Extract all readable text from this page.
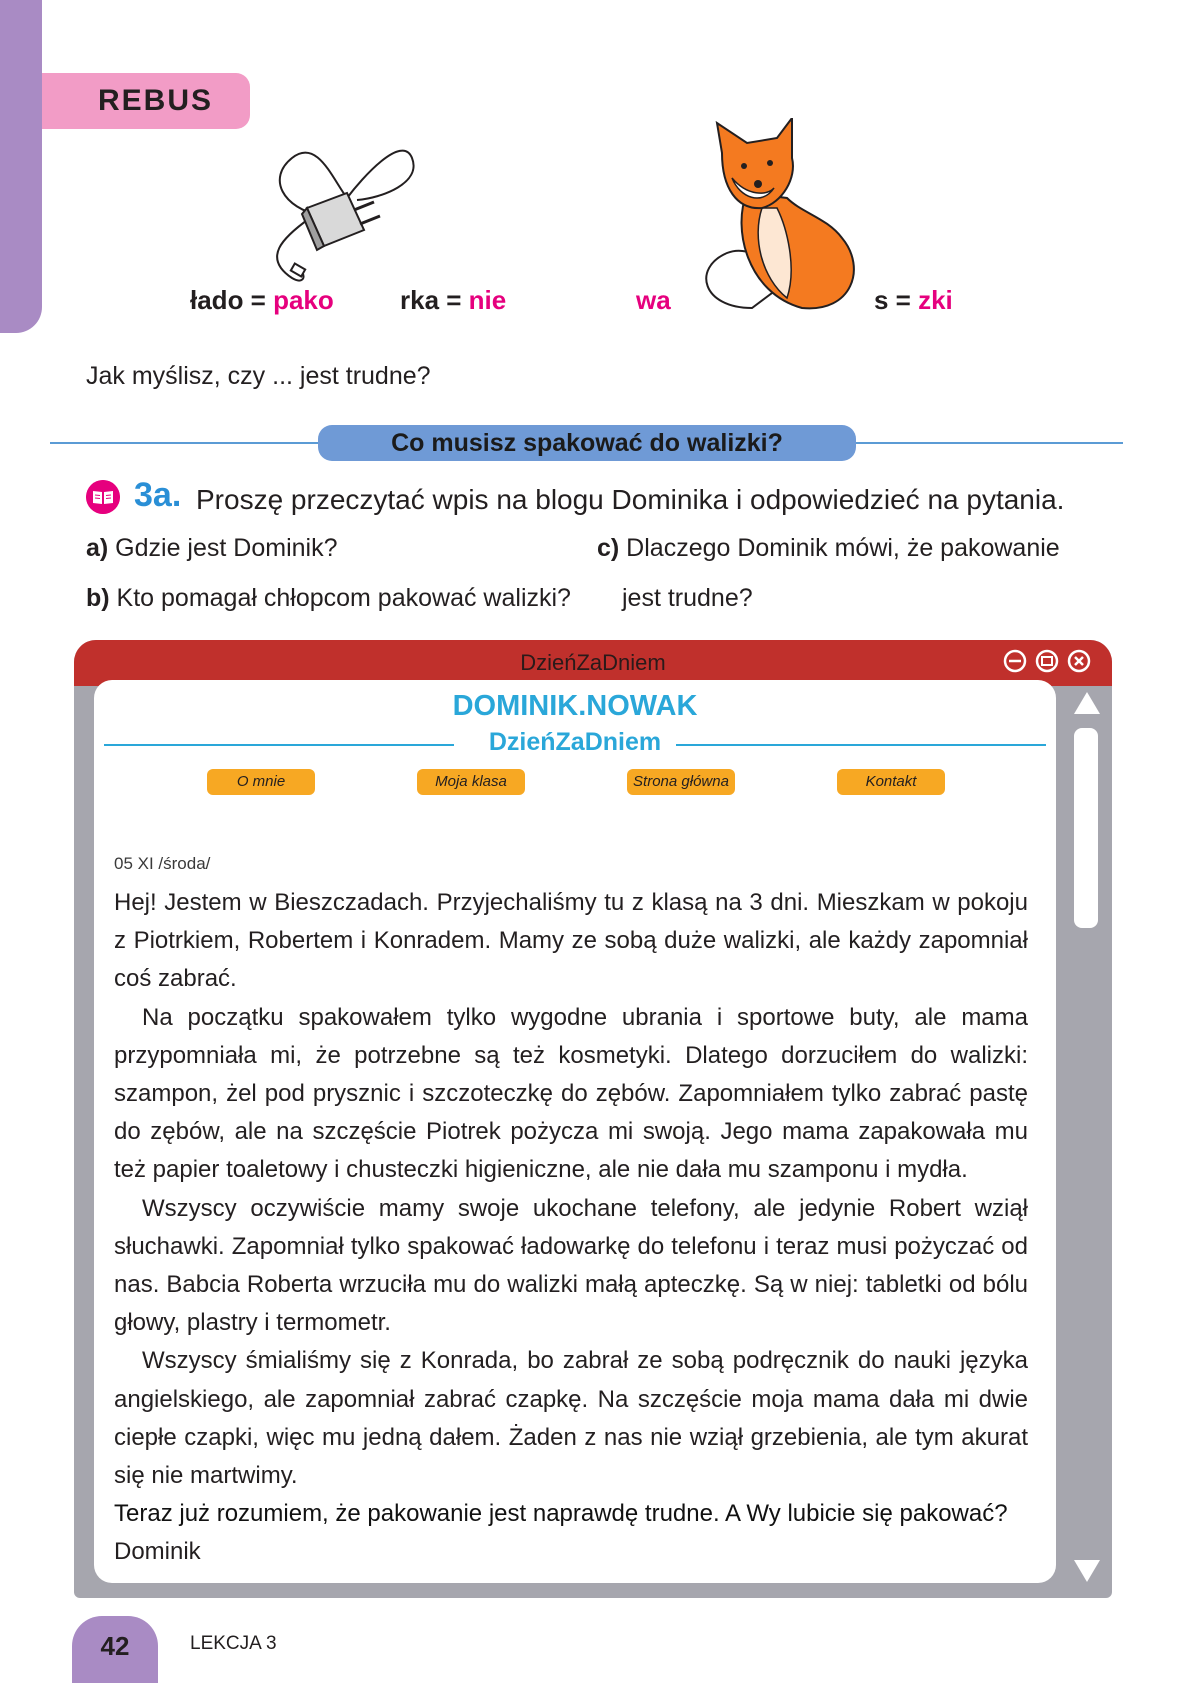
REBUS
łado = pako	rka = nie	wa	s = zki
Jak myślisz, czy ... jest trudne?
Co musisz spakować do walizki?
3a. Proszę przeczytać wpis na blogu Dominika i odpowiedzieć na pytania.
a) Gdzie jest Dominik?
b) Kto pomagał chłopcom pakować walizki?
c) Dlaczego Dominik mówi, że pakowanie
jest trudne?
DzieńZaDniem
DOMINIK.NOWAK
DzieńZaDniem
O mnie	Moja klasa	Strona główna	Kontakt
05 XI /środa/

Hej! Jestem w Bieszczadach. Przyjechaliśmy tu z klasą na 3 dni. Mieszkam w pokoju z Piotrkiem, Robertem i Konradem. Mamy ze sobą duże walizki, ale każdy zapomniał coś zabrać.

Na początku spakowałem tylko wygodne ubrania i sportowe buty, ale mama przypomniała mi, że potrzebne są też kosmetyki. Dlatego dorzuciłem do walizki: szampon, żel pod prysznic i szczoteczkę do zębów. Zapomniałem tylko zabrać pastę do zębów, ale na szczęście Piotrek pożycza mi swoją. Jego mama zapakowała mu też papier toaletowy i chusteczki higieniczne, ale nie dała mu szamponu i mydła.

Wszyscy oczywiście mamy swoje ukochane telefony, ale jedynie Robert wziął słuchawki. Zapomniał tylko spakować ładowarkę do telefonu i teraz musi pożyczać od nas. Babcia Roberta wrzuciła mu do walizki małą apteczkę. Są w niej: tabletki od bólu głowy, plastry i termometr.

Wszyscy śmialiśmy się z Konrada, bo zabrał ze sobą podręcznik do nauki języka angielskiego, ale zapomniał zabrać czapkę. Na szczęście moja mama dała mi dwie ciepłe czapki, więc mu jedną dałem. Żaden z nas nie wziął grzebienia, ale tym akurat się nie martwimy.

Teraz już rozumiem, że pakowanie jest naprawdę trudne. A Wy lubicie się pakować?

Dominik

42	LEKCJA 3
